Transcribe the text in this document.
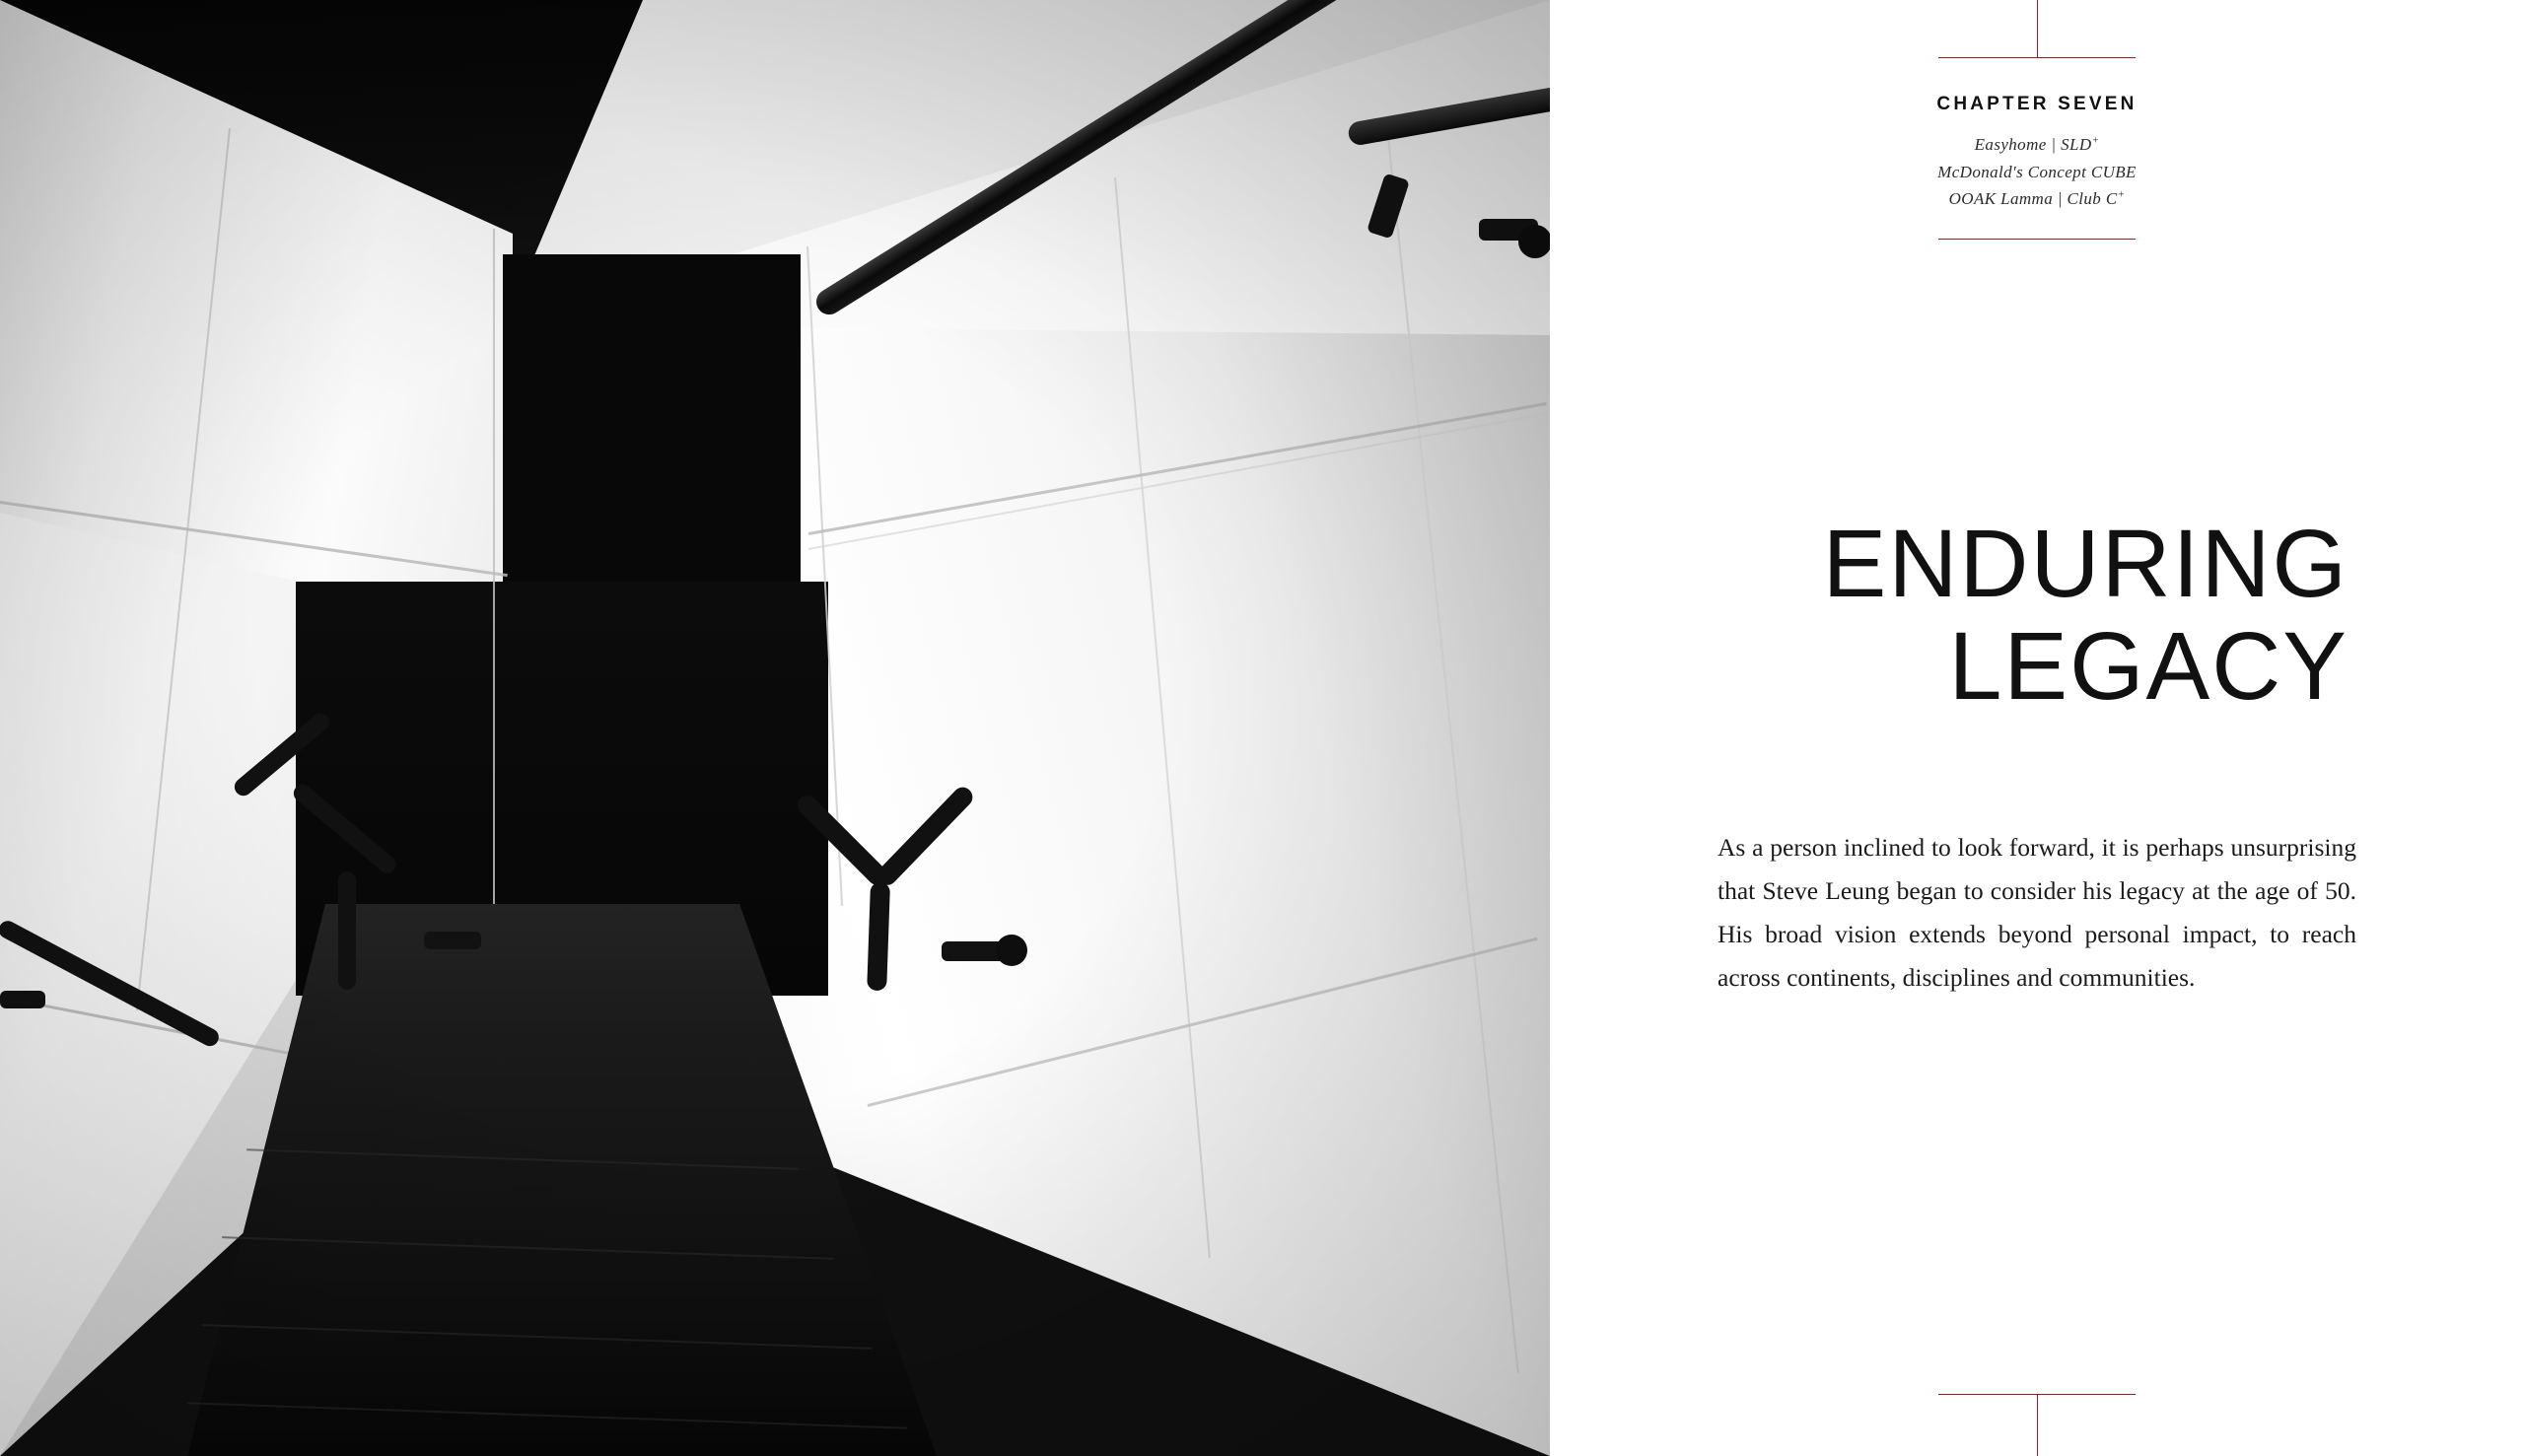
CHAPTER SEVEN
Easyhome | SLD+
McDonald's Concept CUBE
OOAK Lamma | Club C+
ENDURING
LEGACY
As a person inclined to look forward, it is perhaps unsurprising that Steve Leung began to consider his legacy at the age of 50. His broad vision extends beyond personal impact, to reach across continents, disciplines and communities.
